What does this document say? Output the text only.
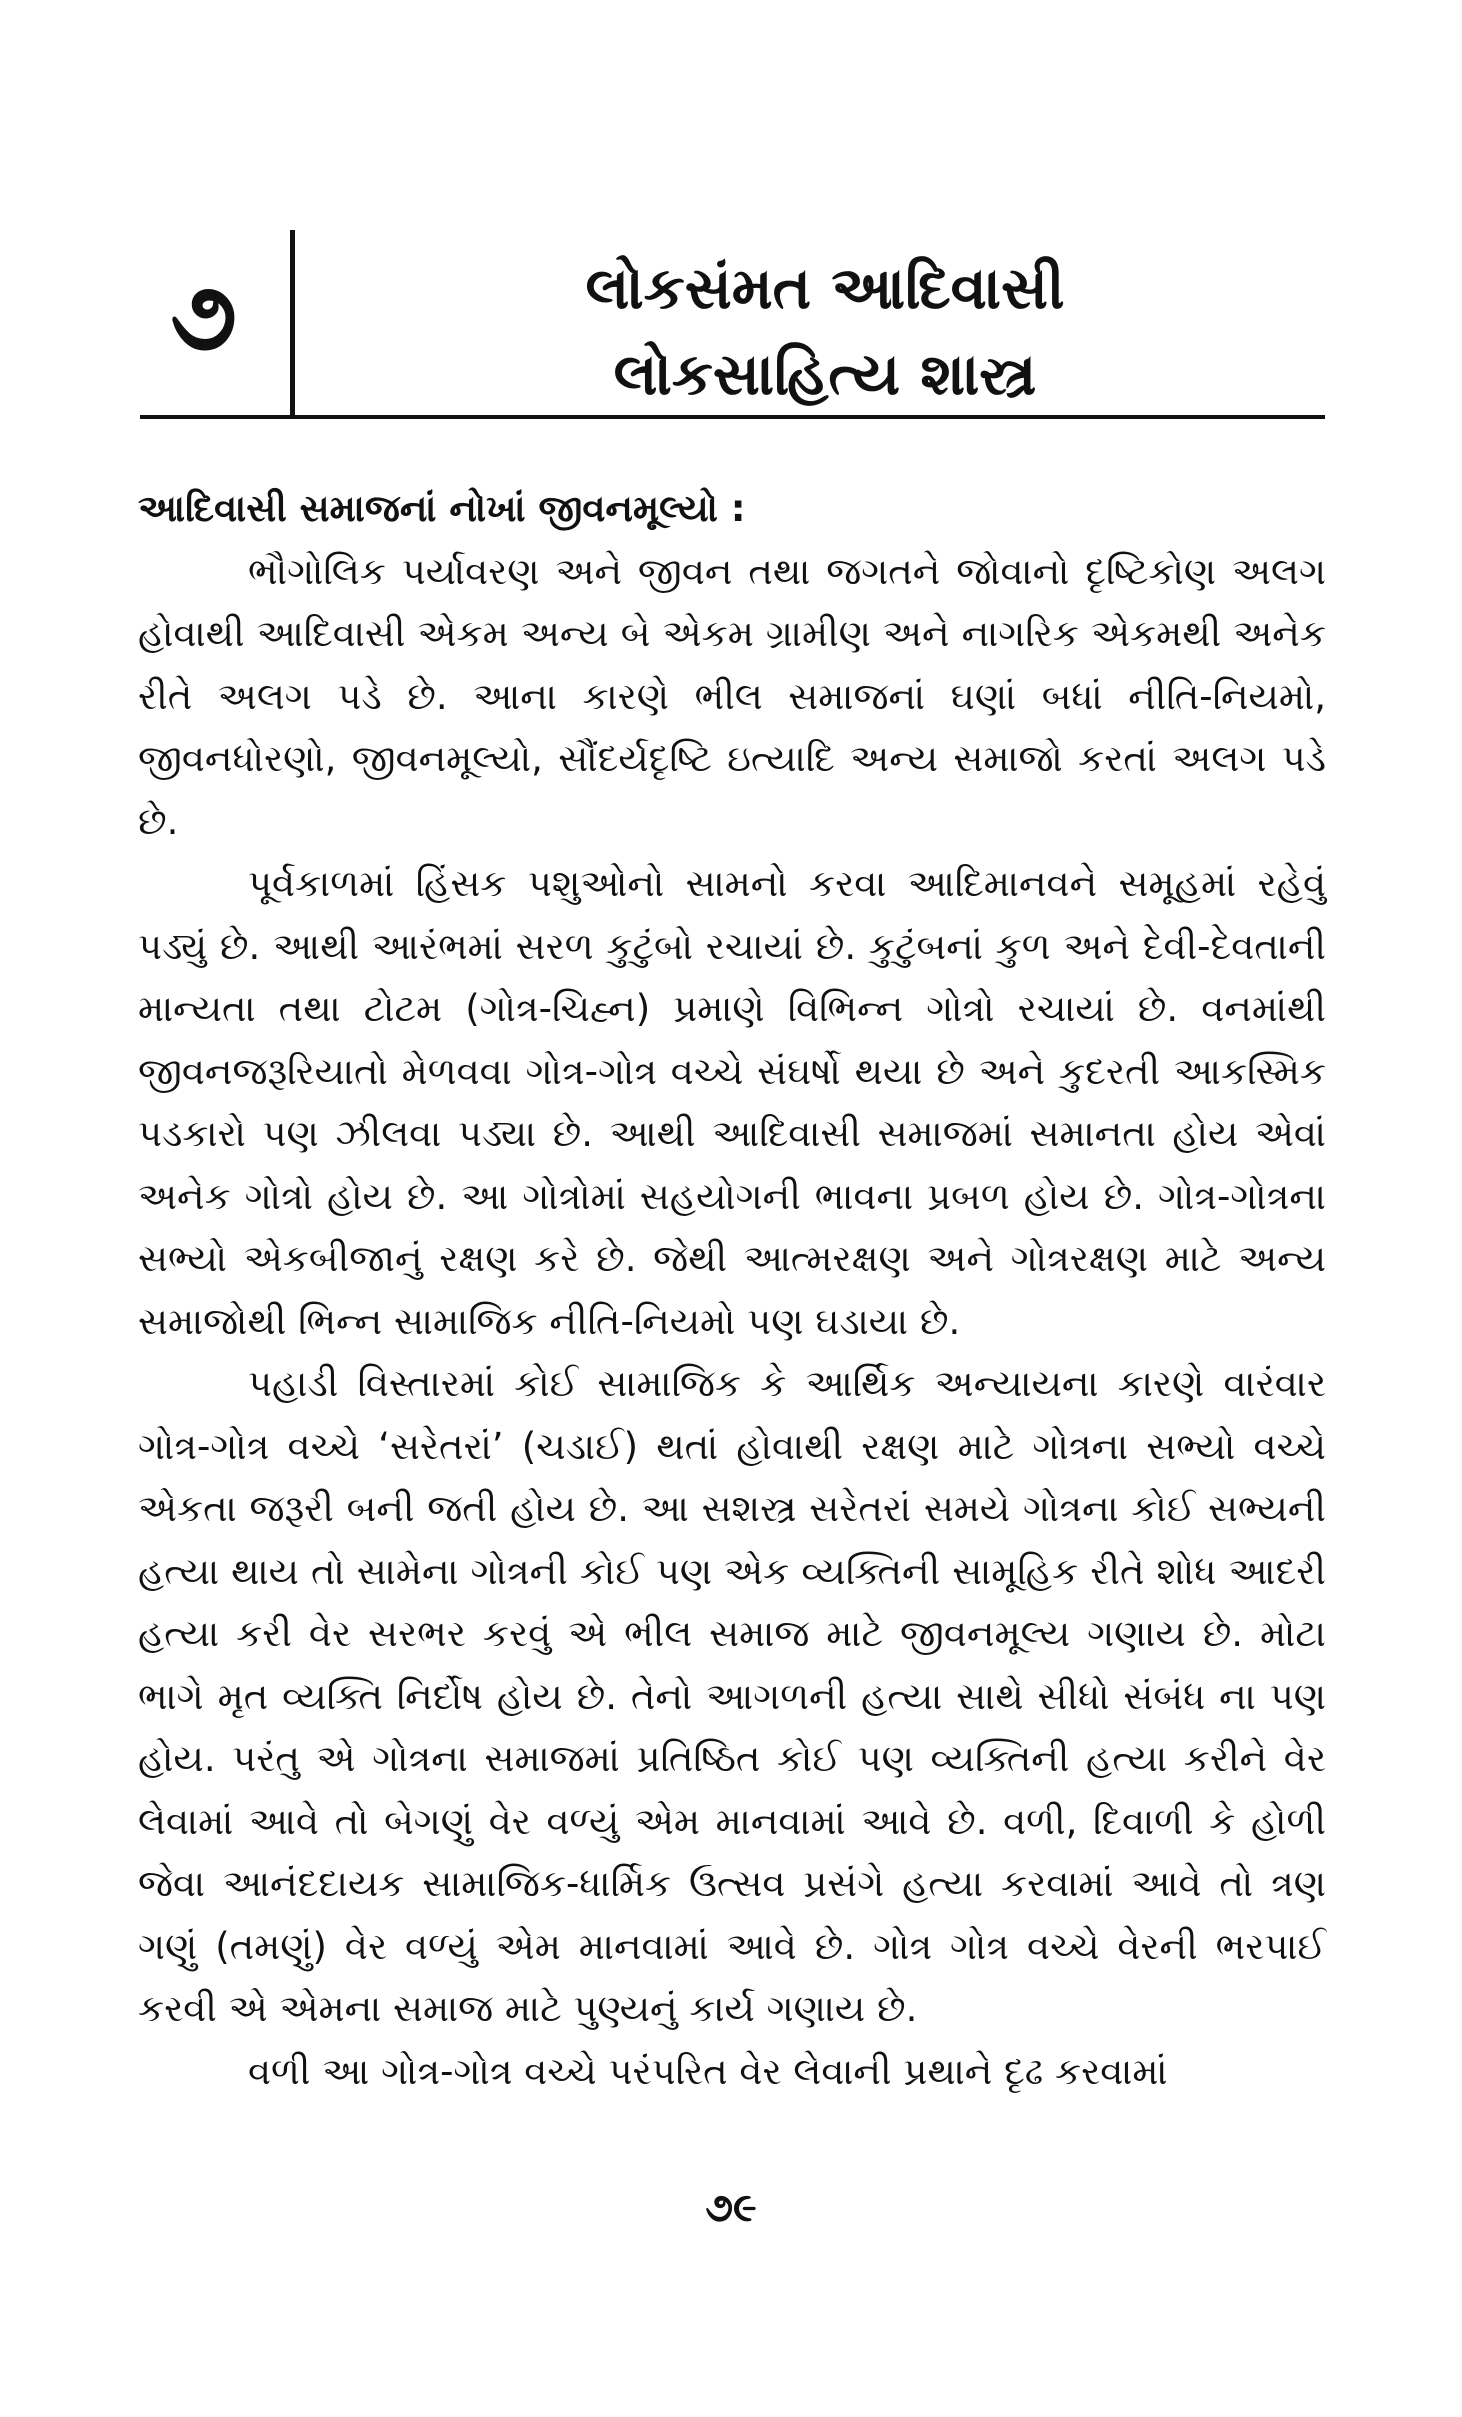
૭	લોકસંમત આદિવાસી
લોકસાહિત્ય શાસ્ત્ર
આદિવાસી સમાજનાં નોખાં જીવનમૂલ્યો :

ભૌગોલિક પર્યાવરણ અને જીવન તથા જગતને જોવાનો દૃષ્ટિકોણ અલગ હોવાથી આદિવાસી એકમ અન્ય બે એકમ ગ્રામીણ અને નાગરિક એકમથી અનેક રીતે અલગ પડે છે. આના કારણે ભીલ સમાજનાં ઘણાં બધાં નીતિ-નિયમો, જીવનધોરણો, જીવનમૂલ્યો, સૌંદર્યદૃષ્ટિ ઇત્યાદિ અન્ય સમાજો કરતાં અલગ પડે છે.

પૂર્વકાળમાં હિંસક પશુઓનો સામનો કરવા આદિમાનવને સમૂહમાં રહેવું પડ્યું છે. આથી આરંભમાં સરળ કુટુંબો રચાયાં છે. કુટુંબનાં કુળ અને દેવી-દેવતાની માન્યતા તથા ટોટમ (ગોત્ર-ચિહ્ન) પ્રમાણે વિભિન્ન ગોત્રો રચાયાં છે. વનમાંથી જીવનજરૂરિયાતો મેળવવા ગોત્ર-ગોત્ર વચ્ચે સંઘર્ષો થયા છે અને કુદરતી આકસ્મિક પડકારો પણ ઝીલવા પડ્યા છે. આથી આદિવાસી સમાજમાં સમાનતા હોય એવાં અનેક ગોત્રો હોય છે. આ ગોત્રોમાં સહયોગની ભાવના પ્રબળ હોય છે. ગોત્ર-ગોત્રના સભ્યો એકબીજાનું રક્ષણ કરે છે. જેથી આત્મરક્ષણ અને ગોત્રરક્ષણ માટે અન્ય સમાજોથી ભિન્ન સામાજિક નીતિ-નિયમો પણ ઘડાયા છે.

પહાડી વિસ્તારમાં કોઈ સામાજિક કે આર્થિક અન્યાયના કારણે વારંવાર ગોત્ર-ગોત્ર વચ્ચે ‘સરેતરાં’ (ચડાઈ) થતાં હોવાથી રક્ષણ માટે ગોત્રના સભ્યો વચ્ચે એકતા જરૂરી બની જતી હોય છે. આ સશસ્ત્ર સરેતરાં સમયે ગોત્રના કોઈ સભ્યની હત્યા થાય તો સામેના ગોત્રની કોઈ પણ એક વ્યક્તિની સામૂહિક રીતે શોધ આદરી હત્યા કરી વેર સરભર કરવું એ ભીલ સમાજ માટે જીવનમૂલ્ય ગણાય છે. મોટા ભાગે મૃત વ્યક્તિ નિર્દોષ હોય છે. તેનો આગળની હત્યા સાથે સીધો સંબંધ ના પણ હોય. પરંતુ એ ગોત્રના સમાજમાં પ્રતિષ્ઠિત કોઈ પણ વ્યક્તિની હત્યા કરીને વેર લેવામાં આવે તો બેગણું વેર વળ્યું એમ માનવામાં આવે છે. વળી, દિવાળી કે હોળી જેવા આનંદદાયક સામાજિક-ધાર્મિક ઉત્સવ પ્રસંગે હત્યા કરવામાં આવે તો ત્રણ ગણું (તમણું) વેર વળ્યું એમ માનવામાં આવે છે. ગોત્ર ગોત્ર વચ્ચે વેરની ભરપાઈ કરવી એ એમના સમાજ માટે પુણ્યનું કાર્ય ગણાય છે.

વળી આ ગોત્ર-ગોત્ર વચ્ચે પરંપરિત વેર લેવાની પ્રથાને દૃઢ કરવામાં

૭૯
